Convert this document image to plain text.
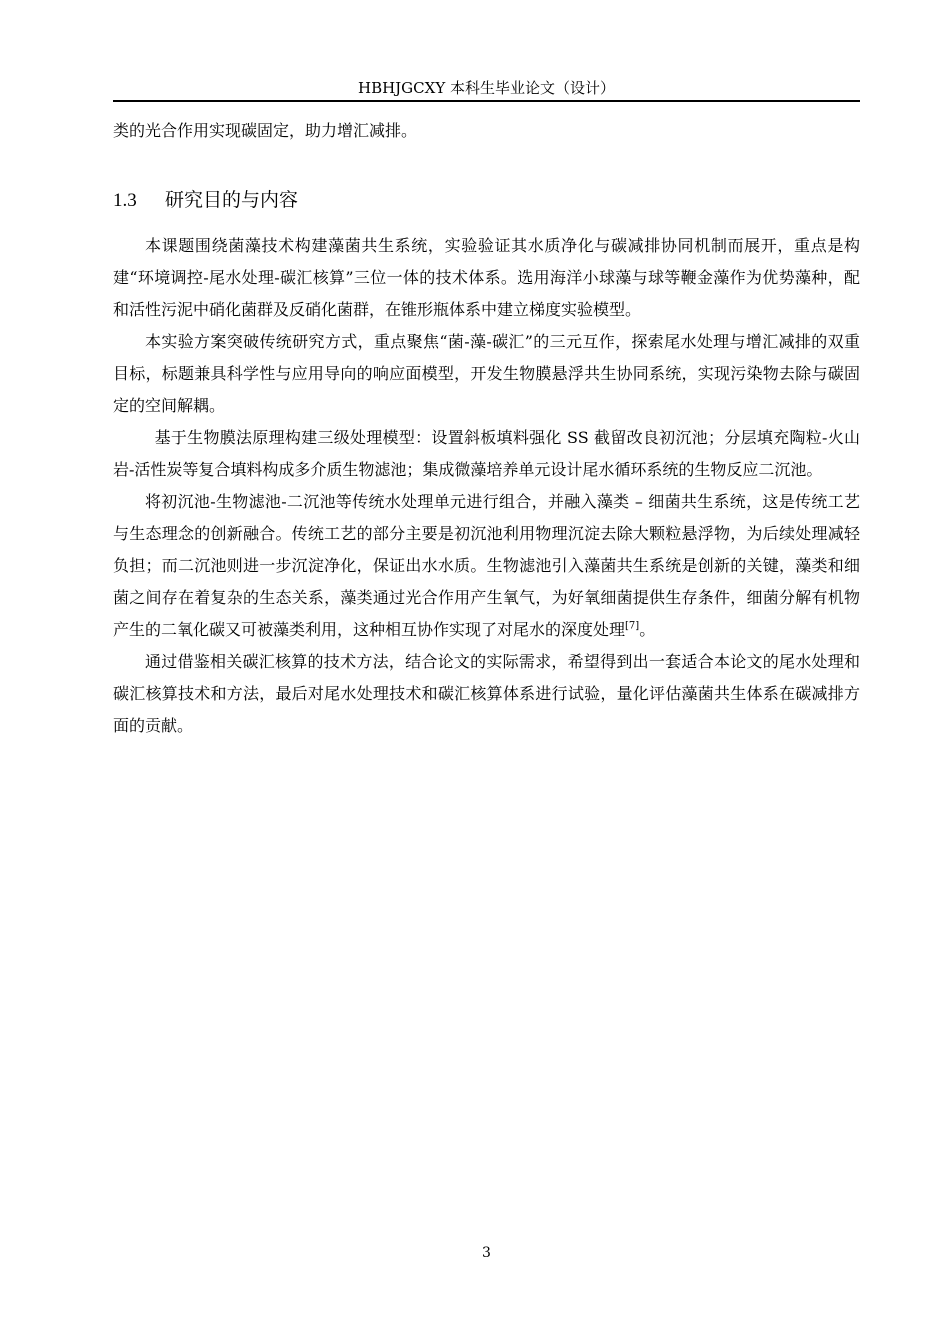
HBHJGCXY 本科生毕业论文（设计）
类的光合作用实现碳固定，助力增汇减排。
1.3 研究目的与内容

本课题围绕菌藻技术构建藻菌共生系统，实验验证其水质净化与碳减排协同机制而展开，重点是构建“环境调控-尾水处理-碳汇核算”三位一体的技术体系。选用海洋小球藻与球等鞭金藻作为优势藻种，配和活性污泥中硝化菌群及反硝化菌群，在锥形瓶体系中建立梯度实验模型。

本实验方案突破传统研究方式，重点聚焦“菌-藻-碳汇”的三元互作，探索尾水处理与增汇减排的双重目标，标题兼具科学性与应用导向的响应面模型，开发生物膜悬浮共生协同系统，实现污染物去除与碳固定的空间解耦。

基于生物膜法原理构建三级处理模型：设置斜板填料强化 SS 截留改良初沉池；分层填充陶粒-火山岩-活性炭等复合填料构成多介质生物滤池；集成微藻培养单元设计尾水循环系统的生物反应二沉池。

将初沉池-生物滤池-二沉池等传统水处理单元进行组合，并融入藻类 – 细菌共生系统，这是传统工艺与生态理念的创新融合。传统工艺的部分主要是初沉池利用物理沉淀去除大颗粒悬浮物，为后续处理减轻负担；而二沉池则进一步沉淀净化，保证出水水质。生物滤池引入藻菌共生系统是创新的关键，藻类和细菌之间存在着复杂的生态关系，藻类通过光合作用产生氧气，为好氧细菌提供生存条件，细菌分解有机物产生的二氧化碳又可被藻类利用，这种相互协作实现了对尾水的深度处理[7]。

通过借鉴相关碳汇核算的技术方法，结合论文的实际需求，希望得到出一套适合本论文的尾水处理和碳汇核算技术和方法，最后对尾水处理技术和碳汇核算体系进行试验，量化评估藻菌共生体系在碳减排方面的贡献。

3
